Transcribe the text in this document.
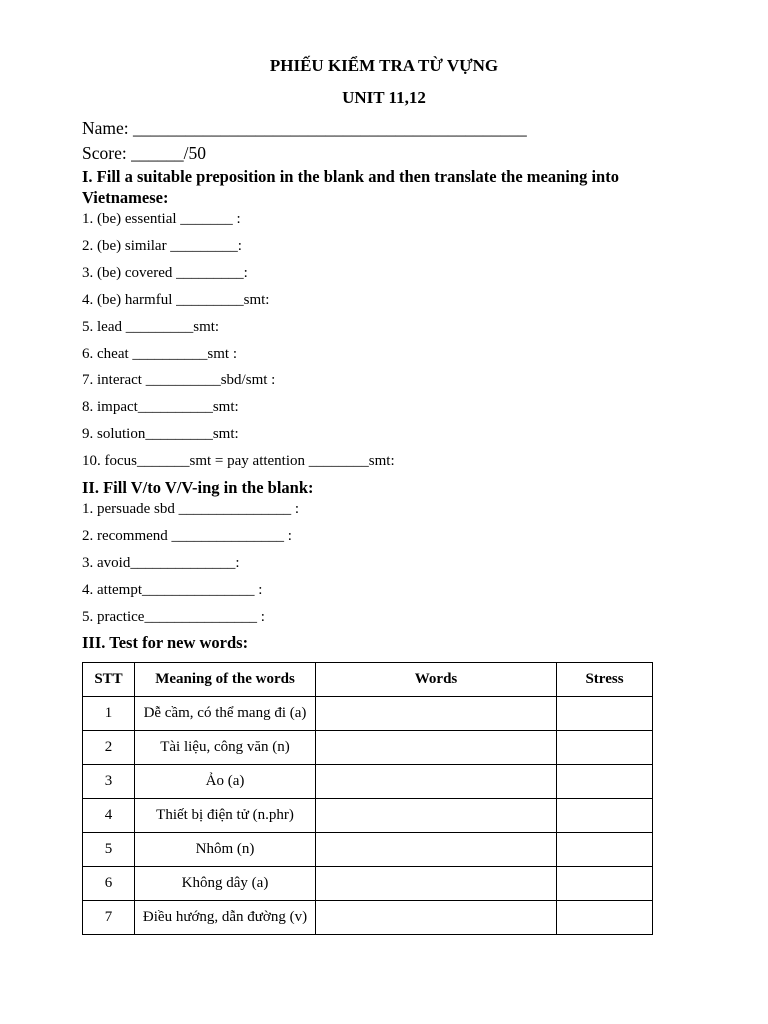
PHIẾU KIỂM TRA TỪ VỰNG
UNIT 11,12
Name: _____________________________________________
Score: ______/50
I. Fill a suitable preposition in the blank and then translate the meaning into Vietnamese:
1. (be) essential _______ :
2. (be) similar _________:
3. (be) covered _________:
4. (be) harmful _________smt:
5. lead _________smt:
6. cheat __________smt :
7. interact __________sbd/smt :
8. impact__________smt:
9. solution_________smt:
10. focus_______smt = pay attention ________smt:
II. Fill V/to V/V-ing in the blank:
1. persuade sbd _______________ :
2. recommend _______________ :
3. avoid______________:
4. attempt_______________ :
5. practice_______________ :
III. Test for new words:
STT	Meaning of the words	Words	Stress
1	Dễ cầm, có thể mang đi (a)		
2	Tài liệu, công văn (n)		
3	Ảo (a)		
4	Thiết bị điện tử (n.phr)		
5	Nhôm (n)		
6	Không dây (a)		
7	Điều hướng, dẫn đường (v)		
